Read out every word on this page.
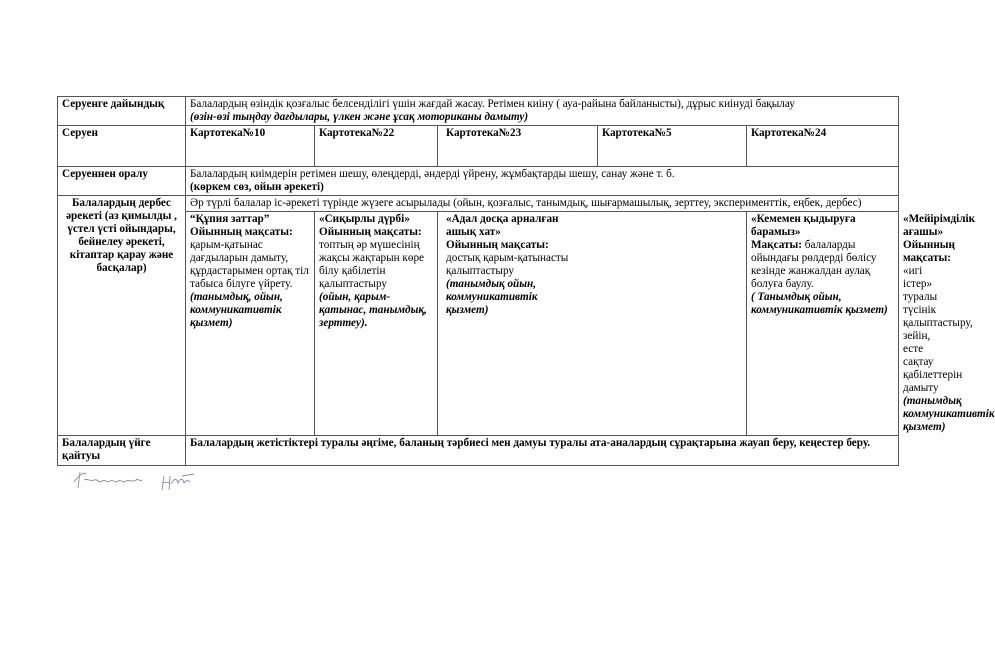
Серуенге дайындық	Балалардың өзіндік қозғалыс белсенділігі үшін жағдай жасау. Ретімен киіну ( ауа-райына байланысты), дұрыс киінуді бақылау
(өзін-өзі тыңдау дағдылары, үлкен және ұсақ моториканы дамыту)					

Серуен	Картотека№10	Картотека№22	Картотека№23	Картотека№5	Картотека№24	
Серуеннен оралу	Балалардың киімдерін ретімен шешу, өлеңдерді, әндерді үйрену, жұмбақтарды шешу, санау және т. б.
(көркем сөз, ойын әрекеті)					

Балалардың дербес әрекеті (аз қимылды , үстел үсті ойындары, бейнелеу әрекеті, кітаптар қарау және басқалар)	Әр түрлі балалар іс-әрекеті түрінде жүзеге асырылады (ойын, қозғалыс, танымдық, шығармашылық, зерттеу, эксперименттік, еңбек, дербес)					

	“Құпия заттар”
Ойынның мақсаты:
қарым-қатынас дағдыларын дамыту, құрдастарымен ортақ тіл табыса білуге үйрету. (танымдық, ойын, коммуникативтік қызмет)	«Сиқырлы дүрбі»
Ойынның мақсаты:
топтың әр мүшесінің жақсы жақтарын көре білу қабілетін қалыптастыру
(ойын, қарым-қатынас, танымдық, зерттеу).	«Адал досқа арналған ашық хат»
Ойынның мақсаты:
достық қарым-қатынасты қалыптастыру
(танымдық ойын, коммуникативтік қызмет)		«Кемемен қыдыруға барамыз»
Мақсаты: балаларды ойындағы рөлдерді бөлісу кезінде жанжалдан аулақ болуға баулу.
( Танымдық ойын, коммуникативтік қызмет)	«Мейірімділік ағашы»
Ойынның мақсаты:
«игі істер» туралы түсінік қалыптастыру, зейін, есте сақтау қабілеттерін дамыту
(танымдық коммуникативтік қызмет)

Балалардың үйге қайтуы	Балалардың жетістіктері туралы әңгіме, баланың тәрбиесі мен дамуы туралы ата-аналардың сұрақтарына жауап беру, кеңестер беру.					
